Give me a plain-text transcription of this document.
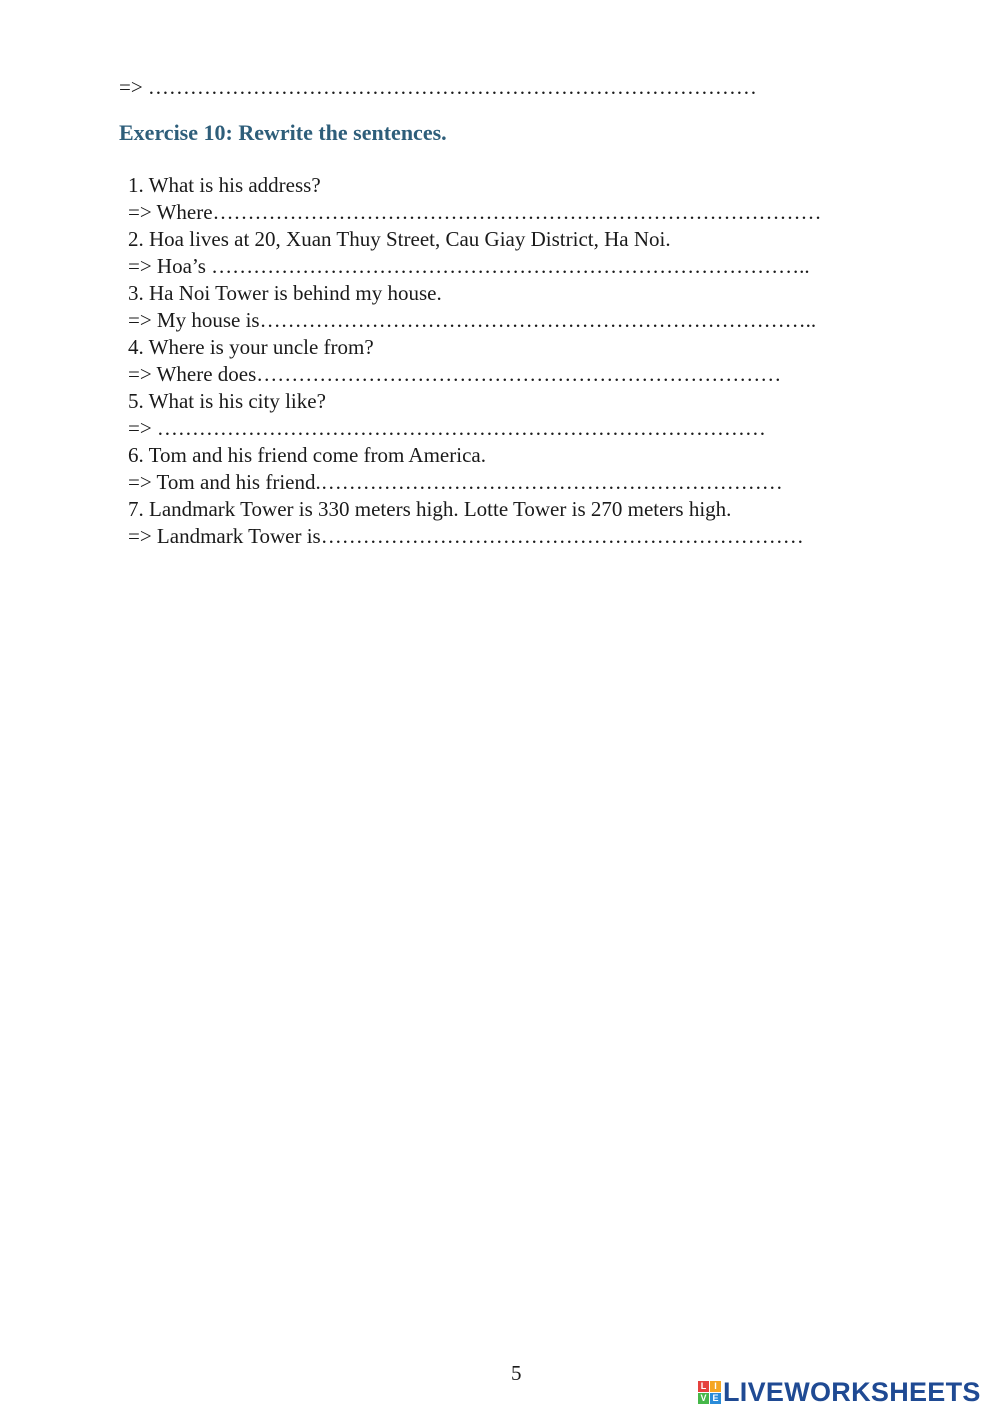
=> ……………………………………………………………………………
Exercise 10: Rewrite the sentences.
1. What is his address?
=> Where……………………………………………………………………………
2. Hoa lives at 20, Xuan Thuy Street, Cau Giay District, Ha Noi.
=> Hoa’s …………………………………………………………………………..
3. Ha Noi Tower is behind my house.
=> My house is……………………………………………………………………..
4. Where is your uncle from?
=> Where does…………………………………………………………………
5. What is his city like?
=> ……………………………………………………………………………
6. Tom and his friend come from America.
=> Tom and his friend.…………………………………………………………
7. Landmark Tower is 330 meters high. Lotte Tower is 270 meters high.
=> Landmark Tower is……………………………………………………………
5
L I
V E LIVEWORKSHEETS
